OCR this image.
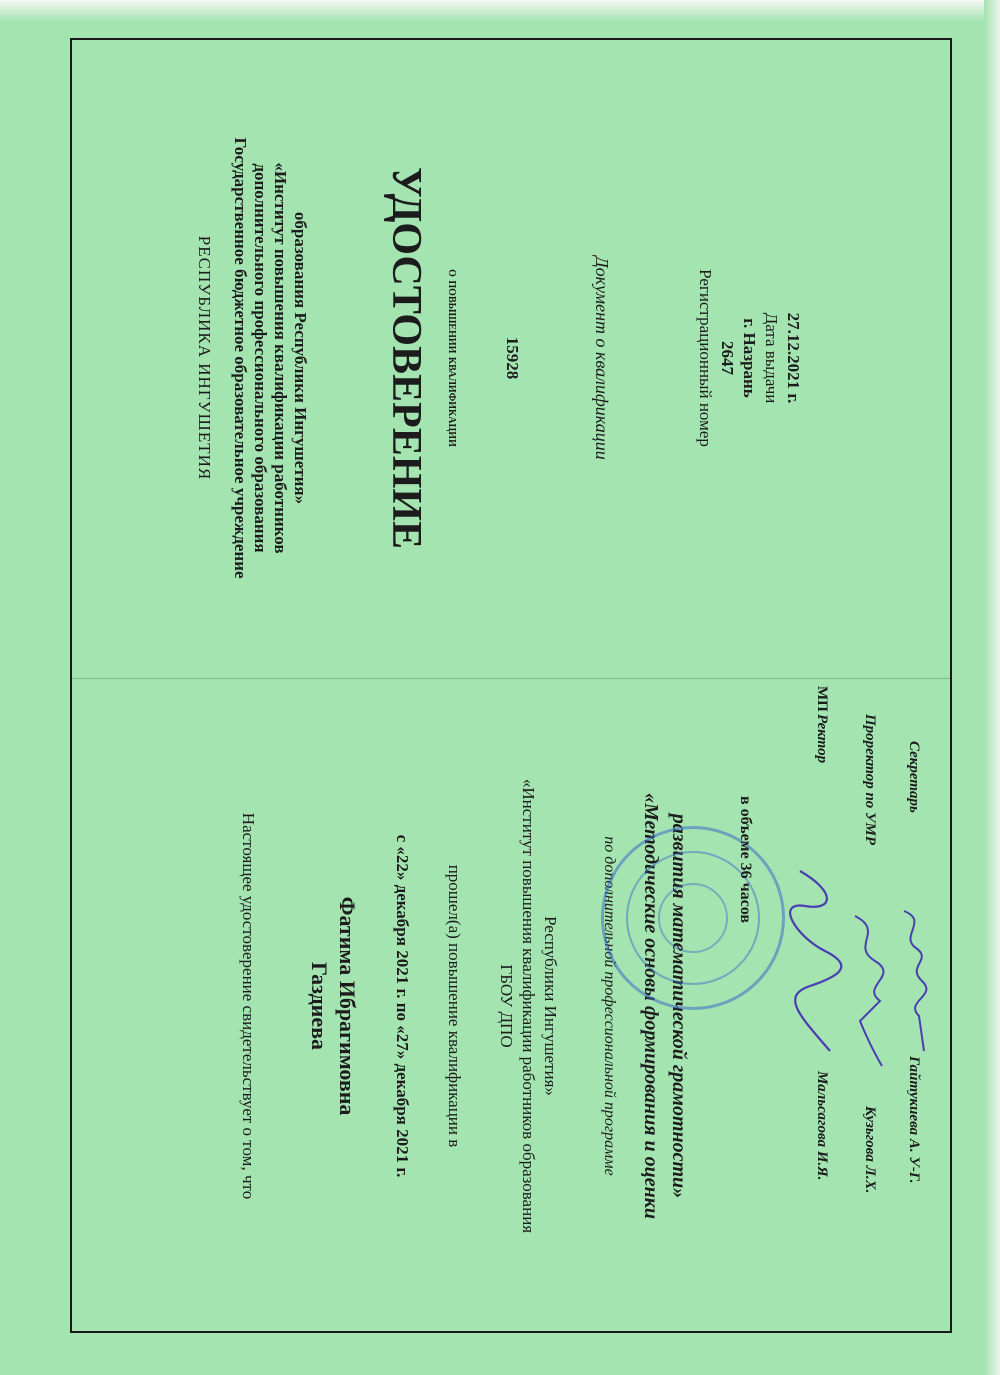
РЕСПУБЛИКА ИНГУШЕТИЯ Государственное бюджетное образовательное учреждение дополнительного профессионального образования «Институт повышения квалификации работников образования Республики Ингушетия» УДОСТОВЕРЕНИЕ о повышении квалификации	15928	Документ о квалификации	Регистрационный номер 2647 г. Назрань Дата выдачи 27.12.2021 г.
Настоящее удостоверение свидетельствует о том, что Газдиева Фатима Ибрагимовна с «22» декабря 2021 г. по «27» декабря 2021 г. прошел(а) повышение квалификации в ГБОУ ДПО «Институт повышения квалификации работников образования Республики Ингушетия»	по дополнительной профессиональной программе «Методические основы формирования и оценки развития математической грамотности»	в объеме 36 часов
МП
Ректор
Мальсагова И.Я.
Проректор по УМР
Кузьгова Л.Х.
Секретарь
Гайтукиева А. У-Г.
